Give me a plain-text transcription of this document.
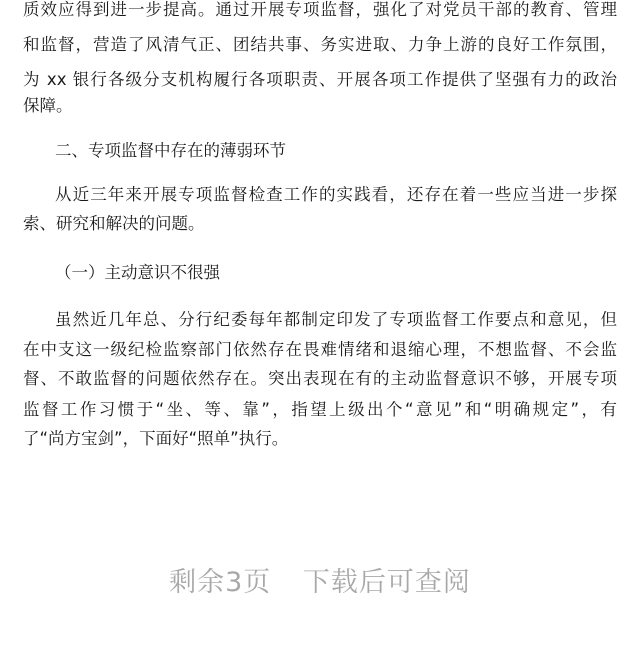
质效应得到进一步提高。通过开展专项监督，强化了对党员干部的教育、管理
和监督，营造了风清气正、团结共事、务实进取、力争上游的良好工作氛围，
为 xx 银行各级分支机构履行各项职责、开展各项工作提供了坚强有力的政治
保障。
二、专项监督中存在的薄弱环节
从近三年来开展专项监督检查工作的实践看，还存在着一些应当进一步探
索、研究和解决的问题。
（一）主动意识不很强
虽然近几年总、分行纪委每年都制定印发了专项监督工作要点和意见，但
在中支这一级纪检监察部门依然存在畏难情绪和退缩心理，不想监督、不会监
督、不敢监督的问题依然存在。突出表现在有的主动监督意识不够，开展专项
监督工作习惯于“坐、等、靠”，指望上级出个“意见”和“明确规定”，有
了“尚方宝剑”，下面好“照单”执行。
剩余3页 下载后可查阅
